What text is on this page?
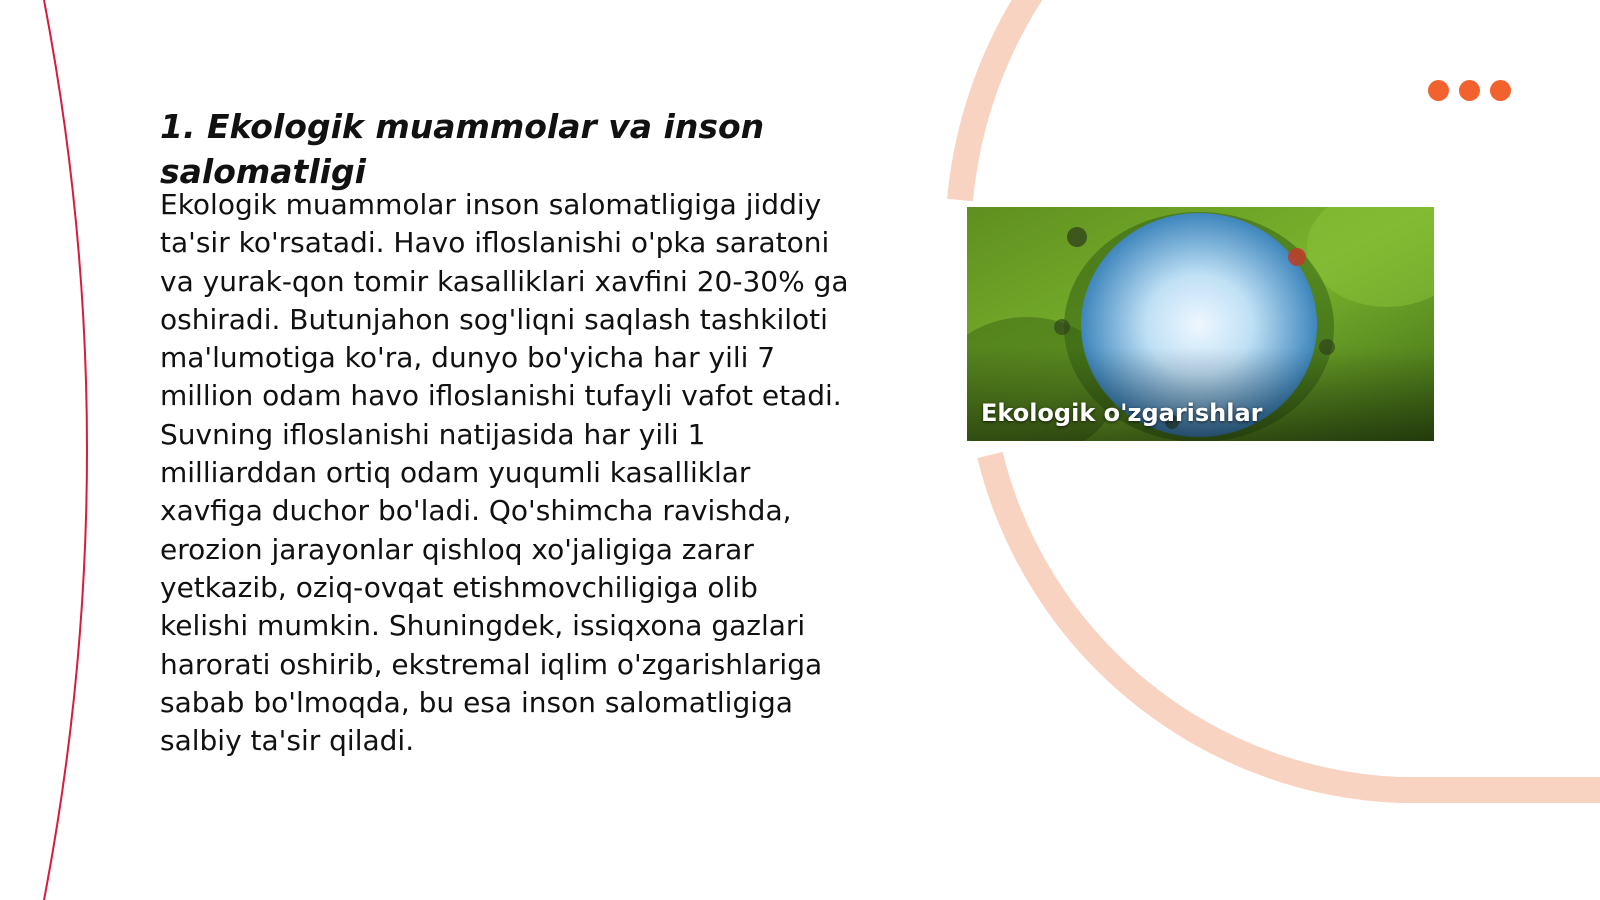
1. Ekologik muammolar va inson salomatligi

Ekologik muammolar inson salomatligiga jiddiy ta'sir ko'rsatadi. Havo ifloslanishi o'pka saratoni va yurak-qon tomir kasalliklari xavfini 20-30% ga oshiradi. Butunjahon sog'liqni saqlash tashkiloti ma'lumotiga ko'ra, dunyo bo'yicha har yili 7 million odam havo ifloslanishi tufayli vafot etadi. Suvning ifloslanishi natijasida har yili 1 milliarddan ortiq odam yuqumli kasalliklar xavfiga duchor bo'ladi. Qo'shimcha ravishda, erozion jarayonlar qishloq xo'jaligiga zarar yetkazib, oziq-ovqat etishmovchiligiga olib kelishi mumkin. Shuningdek, issiqxona gazlari harorati oshirib, ekstremal iqlim o'zgarishlariga sabab bo'lmoqda, bu esa inson salomatligiga salbiy ta'sir qiladi.

Ekologik o'zgarishlar
